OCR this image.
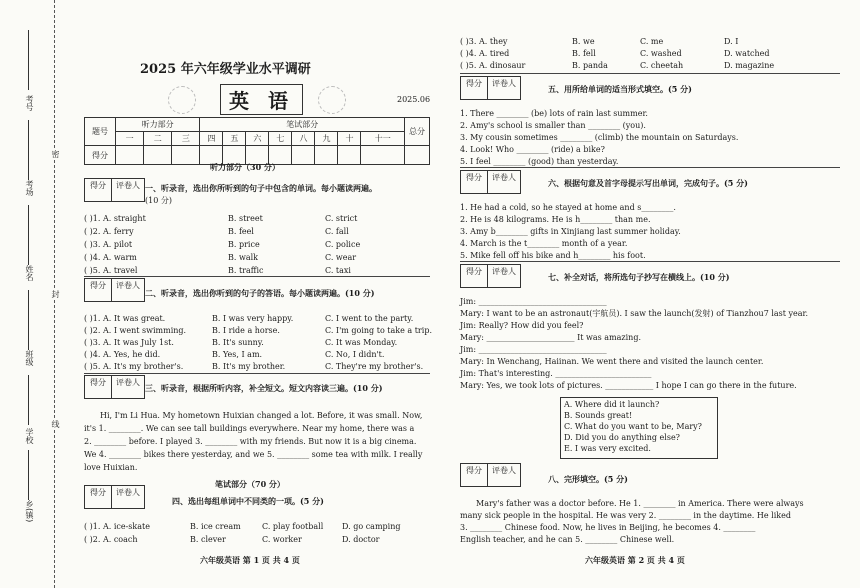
考号
考场
姓名
班级
学校
乡(镇)
密
封
线
2025 年六年级学业水平调研
英 语	2025.06
题号	听力部分			笔试部分								总分
	一	二	三	四	五	六	七	八	九	十	十一	
得分												
听力部分（30 分）
得分	评卷人 一、听录音，选出你所听到的句子中包含的单词。每小题读两遍。
(10 分)
( )1. A. straight	B. street	C. strict
( )2. A. ferry	B. feel	C. fall
( )3. A. pilot	B. price	C. police
( )4. A. warm	B. walk	C. wear
( )5. A. travel	B. traffic	C. taxi
得分	评卷人
二、听录音，选出你听到的句子的答语。每小题读两遍。(10 分)
( )1. A. It was great.	B. I was very happy.	C. I went to the party.
( )2. A. I went swimming.	B. I ride a horse.	C. I'm going to take a trip.
( )3. A. It was July 1st.	B. It's sunny.	C. It was Monday.
( )4. A. Yes, he did.	B. Yes, I am.	C. No, I didn't.
( )5. A. It's my brother's.	B. It's my brother.	C. They're my brother's.
得分	评卷人
三、听录音，根据所听内容，补全短文。短文内容读三遍。(10 分)
Hi, I'm Li Hua. My hometown Huixian changed a lot. Before, it was small. Now,
it's 1. ________. We can see tall buildings everywhere. Near my home, there was a
2. ________ before. I played 3. ________ with my friends. But now it is a big cinema.
We 4. ________ bikes there yesterday, and we 5. ________ some tea with milk. I really
love Huixian.
笔试部分（70 分）
得分	评卷人
四、选出每组单词中不同类的一项。(5 分)
( )1. A. ice-skate	B. ice cream	C. play football D. go camping
( )2. A. coach	B. clever	C. worker	D. doctor
六年级英语 第 1 页 共 4 页
( )3. A. they	B. we	C. me	D. I
( )4. A. tired	B. fell	C. washed	D. watched
( )5. A. dinosaur	B. panda	C. cheetah	D. magazine
得分	评卷人
五、用所给单词的适当形式填空。(5 分)
1. There ________ (be) lots of rain last summer.
2. Amy's school is smaller than ________ (you).
3. My cousin sometimes ________ (climb) the mountain on Saturdays.
4. Look! Who ________ (ride) a bike?
5. I feel ________ (good) than yesterday.
得分	评卷人
六、根据句意及首字母提示写出单词，完成句子。(5 分)
1. He had a cold, so he stayed at home and s________.
2. He is 48 kilograms. He is h________ than me.
3. Amy b________ gifts in Xinjiang last summer holiday.
4. March is the t________ month of a year.
5. Mike fell off his bike and h________ his foot.
得分	评卷人
七、补全对话，将所选句子抄写在横线上。(10 分)
Jim: ________________________________
Mary: I want to be an astronaut(宇航员). I saw the launch(发射) of Tianzhou7 last year.
Jim: Really? How did you feel?
Mary: ______________________ It was amazing.
Jim: ________________________________
Mary: In Wenchang, Haiinan. We went there and visited the launch center.
Jim: That's interesting. ________________________
Mary: Yes, we took lots of pictures. ____________ I hope I can go there in the future.
A. Where did it launch?
B. Sounds great!
C. What do you want to be, Mary?
D. Did you do anything else?
E. I was very excited.
得分	评卷人
八、完形填空。(5 分)
Mary's father was a doctor before. He 1. ________ in America. There were always
many sick people in the hospital. He was very 2. ________ in the daytime. He liked
3. ________ Chinese food. Now, he lives in Beijing, he becomes 4. ________
English teacher, and he can 5. ________ Chinese well.
六年级英语 第 2 页 共 4 页
